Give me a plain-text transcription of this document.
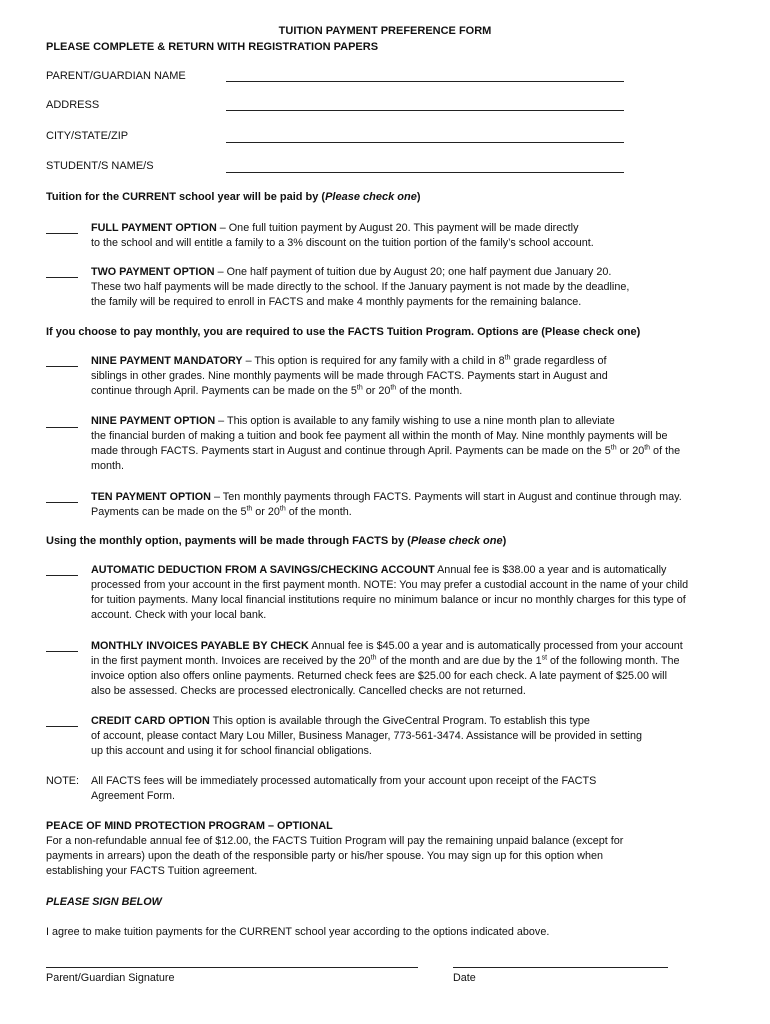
TUITION PAYMENT PREFERENCE FORM
PLEASE COMPLETE & RETURN WITH REGISTRATION PAPERS
PARENT/GUARDIAN NAME
ADDRESS
CITY/STATE/ZIP
STUDENT/S NAME/S
Tuition for the CURRENT school year will be paid by (Please check one)
FULL PAYMENT OPTION – One full tuition payment by August 20. This payment will be made directly
to the school and will entitle a family to a 3% discount on the tuition portion of the family’s school account.
TWO PAYMENT OPTION – One half payment of tuition due by August 20; one half payment due January 20.
These two half payments will be made directly to the school. If the January payment is not made by the deadline,
the family will be required to enroll in FACTS and make 4 monthly payments for the remaining balance.
If you choose to pay monthly, you are required to use the FACTS Tuition Program. Options are (Please check one)
NINE PAYMENT MANDATORY – This option is required for any family with a child in 8th grade regardless of
siblings in other grades. Nine monthly payments will be made through FACTS. Payments start in August and
continue through April. Payments can be made on the 5th or 20th of the month.
NINE PAYMENT OPTION – This option is available to any family wishing to use a nine month plan to alleviate
the financial burden of making a tuition and book fee payment all within the month of May. Nine monthly payments will be
made through FACTS. Payments start in August and continue through April. Payments can be made on the 5th or 20th of the
month.
TEN PAYMENT OPTION – Ten monthly payments through FACTS. Payments will start in August and continue through may.
Payments can be made on the 5th or 20th of the month.
Using the monthly option, payments will be made through FACTS by (Please check one)
AUTOMATIC DEDUCTION FROM A SAVINGS/CHECKING ACCOUNT Annual fee is $38.00 a year and is automatically
processed from your account in the first payment month. NOTE: You may prefer a custodial account in the name of your child
for tuition payments. Many local financial institutions require no minimum balance or incur no monthly charges for this type of
account. Check with your local bank.
MONTHLY INVOICES PAYABLE BY CHECK Annual fee is $45.00 a year and is automatically processed from your account
in the first payment month. Invoices are received by the 20th of the month and are due by the 1st of the following month. The
invoice option also offers online payments. Returned check fees are $25.00 for each check. A late payment of $25.00 will
also be assessed. Checks are processed electronically. Cancelled checks are not returned.
CREDIT CARD OPTION This option is available through the GiveCentral Program. To establish this type
of account, please contact Mary Lou Miller, Business Manager, 773-561-3474. Assistance will be provided in setting
up this account and using it for school financial obligations.
NOTE: All FACTS fees will be immediately processed automatically from your account upon receipt of the FACTS
Agreement Form.
PEACE OF MIND PROTECTION PROGRAM – OPTIONAL
For a non-refundable annual fee of $12.00, the FACTS Tuition Program will pay the remaining unpaid balance (except for
payments in arrears) upon the death of the responsible party or his/her spouse. You may sign up for this option when
establishing your FACTS Tuition agreement.
PLEASE SIGN BELOW
I agree to make tuition payments for the CURRENT school year according to the options indicated above.
Parent/Guardian Signature	Date
